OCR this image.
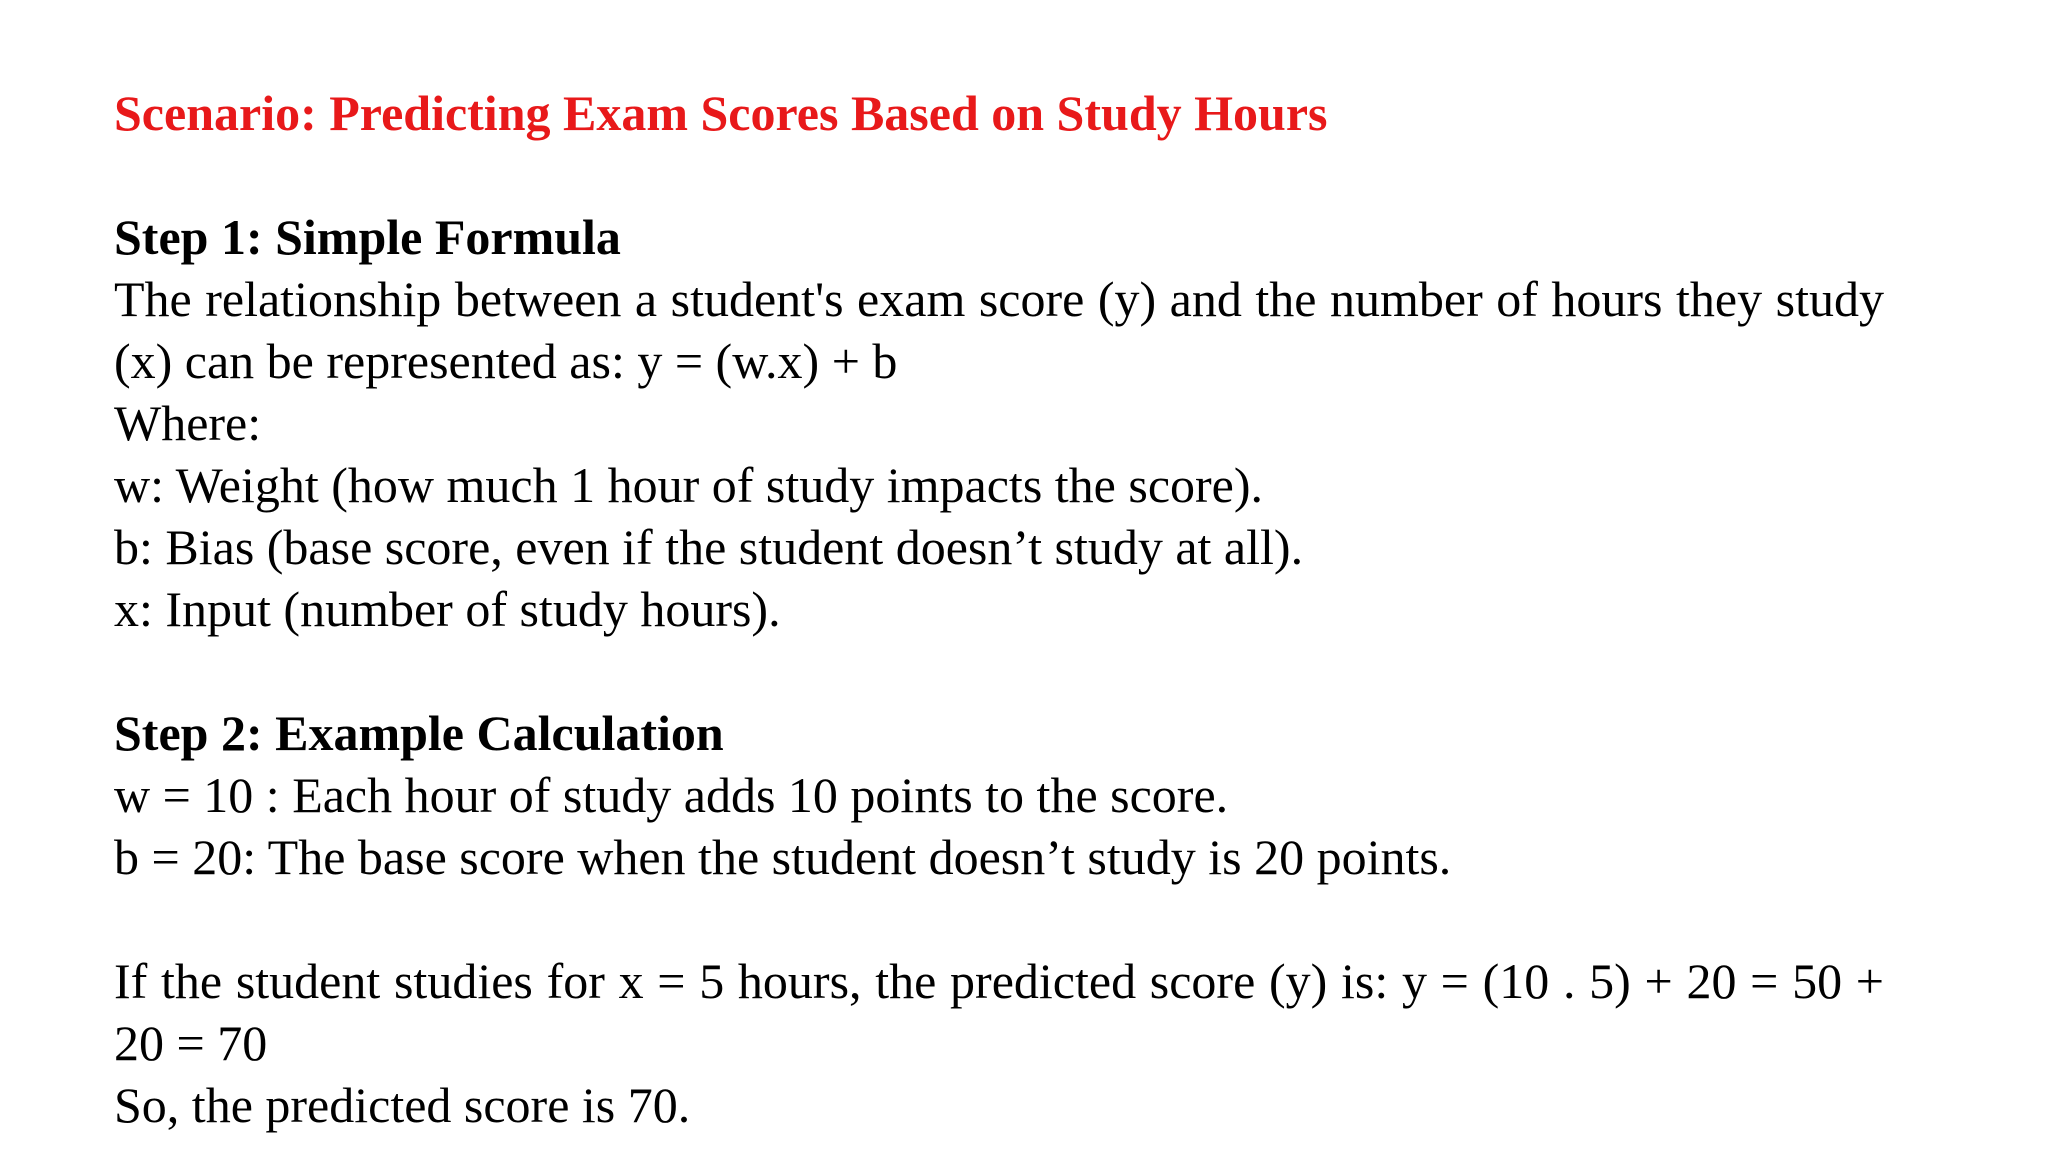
Scenario: Predicting Exam Scores Based on Study Hours

Step 1: Simple Formula

The relationship between a student's exam score (y) and the number of hours they study (x) can be represented as: y = (w.x) + b

Where:

w: Weight (how much 1 hour of study impacts the score).

b: Bias (base score, even if the student doesn’t study at all).

x: Input (number of study hours).

Step 2: Example Calculation

w = 10 : Each hour of study adds 10 points to the score.

b = 20: The base score when the student doesn’t study is 20 points.

If the student studies for x = 5 hours, the predicted score (y) is: y = (10 . 5) + 20 = 50 + 20 = 70

So, the predicted score is 70.
